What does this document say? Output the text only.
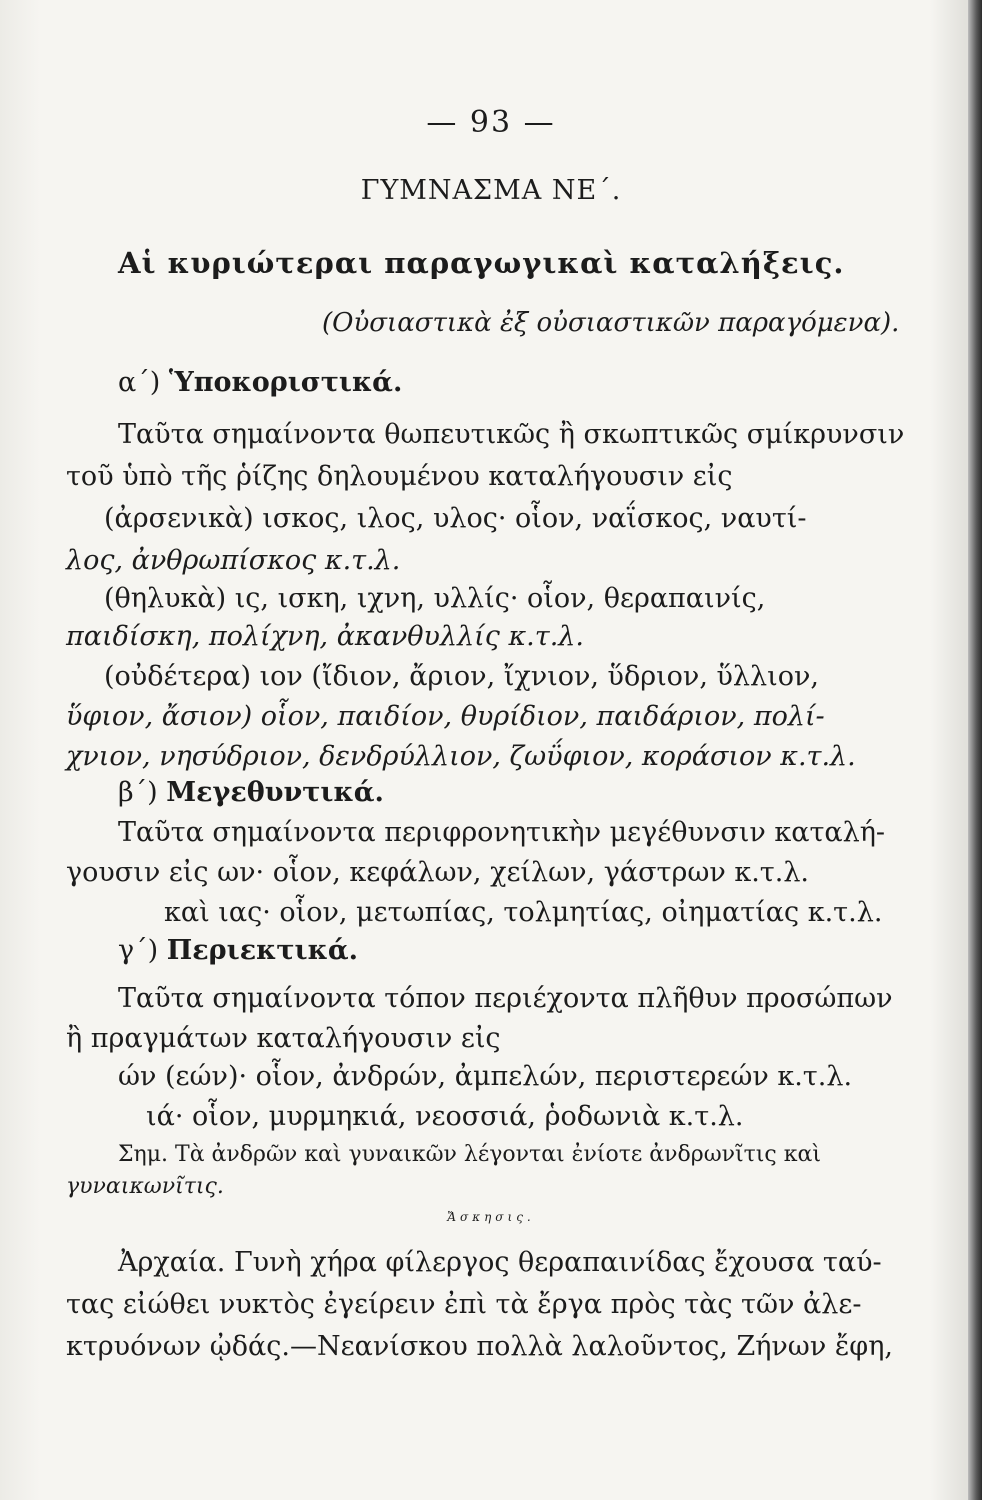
— 93 —
ΓΥΜΝΑΣΜΑ ΝΕ΄.
Αἱ κυριώτεραι παραγωγικαὶ καταλήξεις.
(Οὐσιαστικὰ ἐξ οὐσιαστικῶν παραγόμενα).
α΄) Ὑποκοριστικά.
Ταῦτα σημαίνοντα θωπευτικῶς ἢ σκωπτικῶς σμίκρυνσιν
τοῦ ὑπὸ τῆς ῥίζης δηλουμένου καταλήγουσιν εἰς
(ἀρσενικὰ) ισκος, ιλος, υλος· οἷον, ναΐσκος, ναυτί-
λος, ἀνθρωπίσκος κ.τ.λ.
(θηλυκὰ) ις, ισκη, ιχνη, υλλίς· οἷον, θεραπαινίς,
παιδίσκη, πολίχνη, ἀκανθυλλίς κ.τ.λ.
(οὐδέτερα) ιον (ἴδιον, ἄριον, ἴχνιον, ὕδριον, ὕλλιον,
ὕφιον, ἄσιον) οἷον, παιδίον, θυρίδιον, παιδάριον, πολί-
χνιον, νησύδριον, δενδρύλλιον, ζωΰφιον, κοράσιον κ.τ.λ.
β΄) Μεγεθυντικά.
Ταῦτα σημαίνοντα περιφρονητικὴν μεγέθυνσιν καταλή-
γουσιν εἰς ων· οἷον, κεφάλων, χείλων, γάστρων κ.τ.λ.
καὶ ιας· οἷον, μετωπίας, τολμητίας, οἰηματίας κ.τ.λ.
γ΄) Περιεκτικά.
Ταῦτα σημαίνοντα τόπον περιέχοντα πλῆθυν προσώπων
ἢ πραγμάτων καταλήγουσιν εἰς
ών (εών)· οἷον, ἀνδρών, ἀμπελών, περιστερεών κ.τ.λ.
ιά· οἷον, μυρμηκιά, νεοσσιά, ῥοδωνιὰ κ.τ.λ.
Σημ. Τὰ ἀνδρῶν καὶ γυναικῶν λέγονται ἐνίοτε ἀνδρωνῖτις καὶ
γυναικωνῖτις.
Ἄσκησις.
Ἀρχαία. Γυνὴ χήρα φίλεργος θεραπαινίδας ἔχουσα ταύ-
τας εἰώθει νυκτὸς ἐγείρειν ἐπὶ τὰ ἔργα πρὸς τὰς τῶν ἀλε-
κτρυόνων ᾠδάς.—Νεανίσκου πολλὰ λαλοῦντος, Ζήνων ἔφη,
